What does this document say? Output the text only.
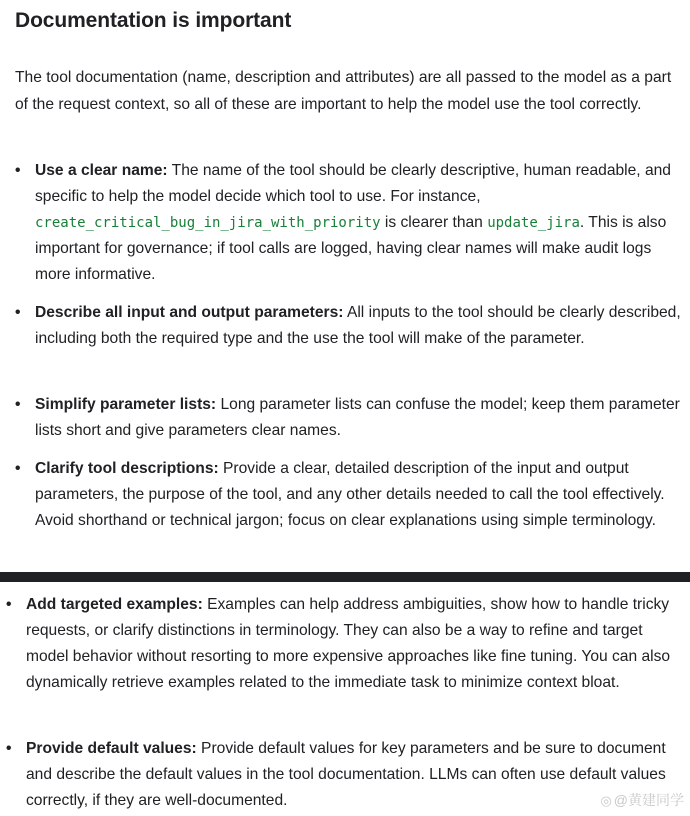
Documentation is important

The tool documentation (name, description and attributes) are all passed to the model as a part of the request context, so all of these are important to help the model use the tool correctly.

• Use a clear name: The name of the tool should be clearly descriptive, human readable, and specific to help the model decide which tool to use. For instance, create_critical_bug_in_jira_with_priority is clearer than update_jira. This is also important for governance; if tool calls are logged, having clear names will make audit logs more informative.

• Describe all input and output parameters: All inputs to the tool should be clearly described, including both the required type and the use the tool will make of the parameter.

• Simplify parameter lists: Long parameter lists can confuse the model; keep them parameter lists short and give parameters clear names.

• Clarify tool descriptions: Provide a clear, detailed description of the input and output parameters, the purpose of the tool, and any other details needed to call the tool effectively. Avoid shorthand or technical jargon; focus on clear explanations using simple terminology.

• Add targeted examples: Examples can help address ambiguities, show how to handle tricky requests, or clarify distinctions in terminology. They can also be a way to refine and target model behavior without resorting to more expensive approaches like fine tuning. You can also dynamically retrieve examples related to the immediate task to minimize context bloat.

• Provide default values: Provide default values for key parameters and be sure to document and describe the default values in the tool documentation. LLMs can often use default values correctly, if they are well-documented.	◎ @黄建同学
